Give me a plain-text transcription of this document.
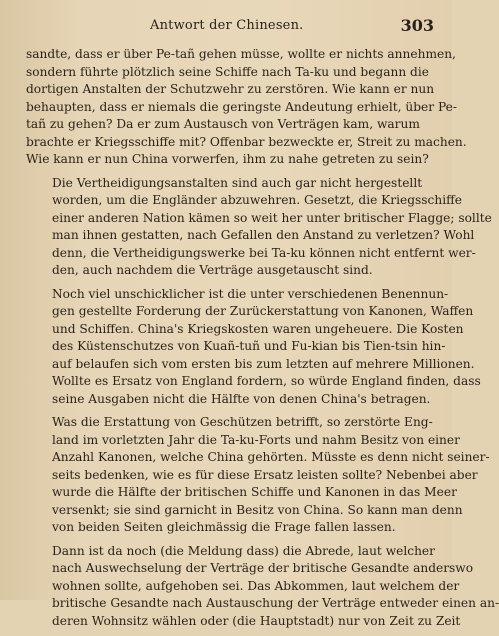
Antwort der Chinesen.	303

sandte, dass er über Pe-tañ gehen müsse, wollte er nichts annehmen,
sondern führte plötzlich seine Schiffe nach Ta-ku und begann die
dortigen Anstalten der Schutzwehr zu zerstören. Wie kann er nun
behaupten, dass er niemals die geringste Andeutung erhielt, über Pe-
tañ zu gehen? Da er zum Austausch von Verträgen kam, warum
brachte er Kriegsschiffe mit? Offenbar bezweckte er, Streit zu machen.
Wie kann er nun China vorwerfen, ihm zu nahe getreten zu sein?

Die Vertheidigungsanstalten sind auch gar nicht hergestellt
worden, um die Engländer abzuwehren. Gesetzt, die Kriegsschiffe
einer anderen Nation kämen so weit her unter britischer Flagge; sollte
man ihnen gestatten, nach Gefallen den Anstand zu verletzen? Wohl
denn, die Vertheidigungswerke bei Ta-ku können nicht entfernt wer-
den, auch nachdem die Verträge ausgetauscht sind.

Noch viel unschicklicher ist die unter verschiedenen Benennun-
gen gestellte Forderung der Zurückerstattung von Kanonen, Waffen
und Schiffen. China's Kriegskosten waren ungeheuere. Die Kosten
des Küstenschutzes von Kuañ-tuñ und Fu-kian bis Tien-tsin hin-
auf belaufen sich vom ersten bis zum letzten auf mehrere Millionen.
Wollte es Ersatz von England fordern, so würde England finden, dass
seine Ausgaben nicht die Hälfte von denen China's betragen.

Was die Erstattung von Geschützen betrifft, so zerstörte Eng-
land im vorletzten Jahr die Ta-ku-Forts und nahm Besitz von einer
Anzahl Kanonen, welche China gehörten. Müsste es denn nicht seiner-
seits bedenken, wie es für diese Ersatz leisten sollte? Nebenbei aber
wurde die Hälfte der britischen Schiffe und Kanonen in das Meer
versenkt; sie sind garnicht in Besitz von China. So kann man denn
von beiden Seiten gleichmässig die Frage fallen lassen.

Dann ist da noch (die Meldung dass) die Abrede, laut welcher
nach Auswechselung der Verträge der britische Gesandte anderswo
wohnen sollte, aufgehoben sei. Das Abkommen, laut welchem der
britische Gesandte nach Austauschung der Verträge entweder einen an-
deren Wohnsitz wählen oder (die Hauptstadt) nur von Zeit zu Zeit
